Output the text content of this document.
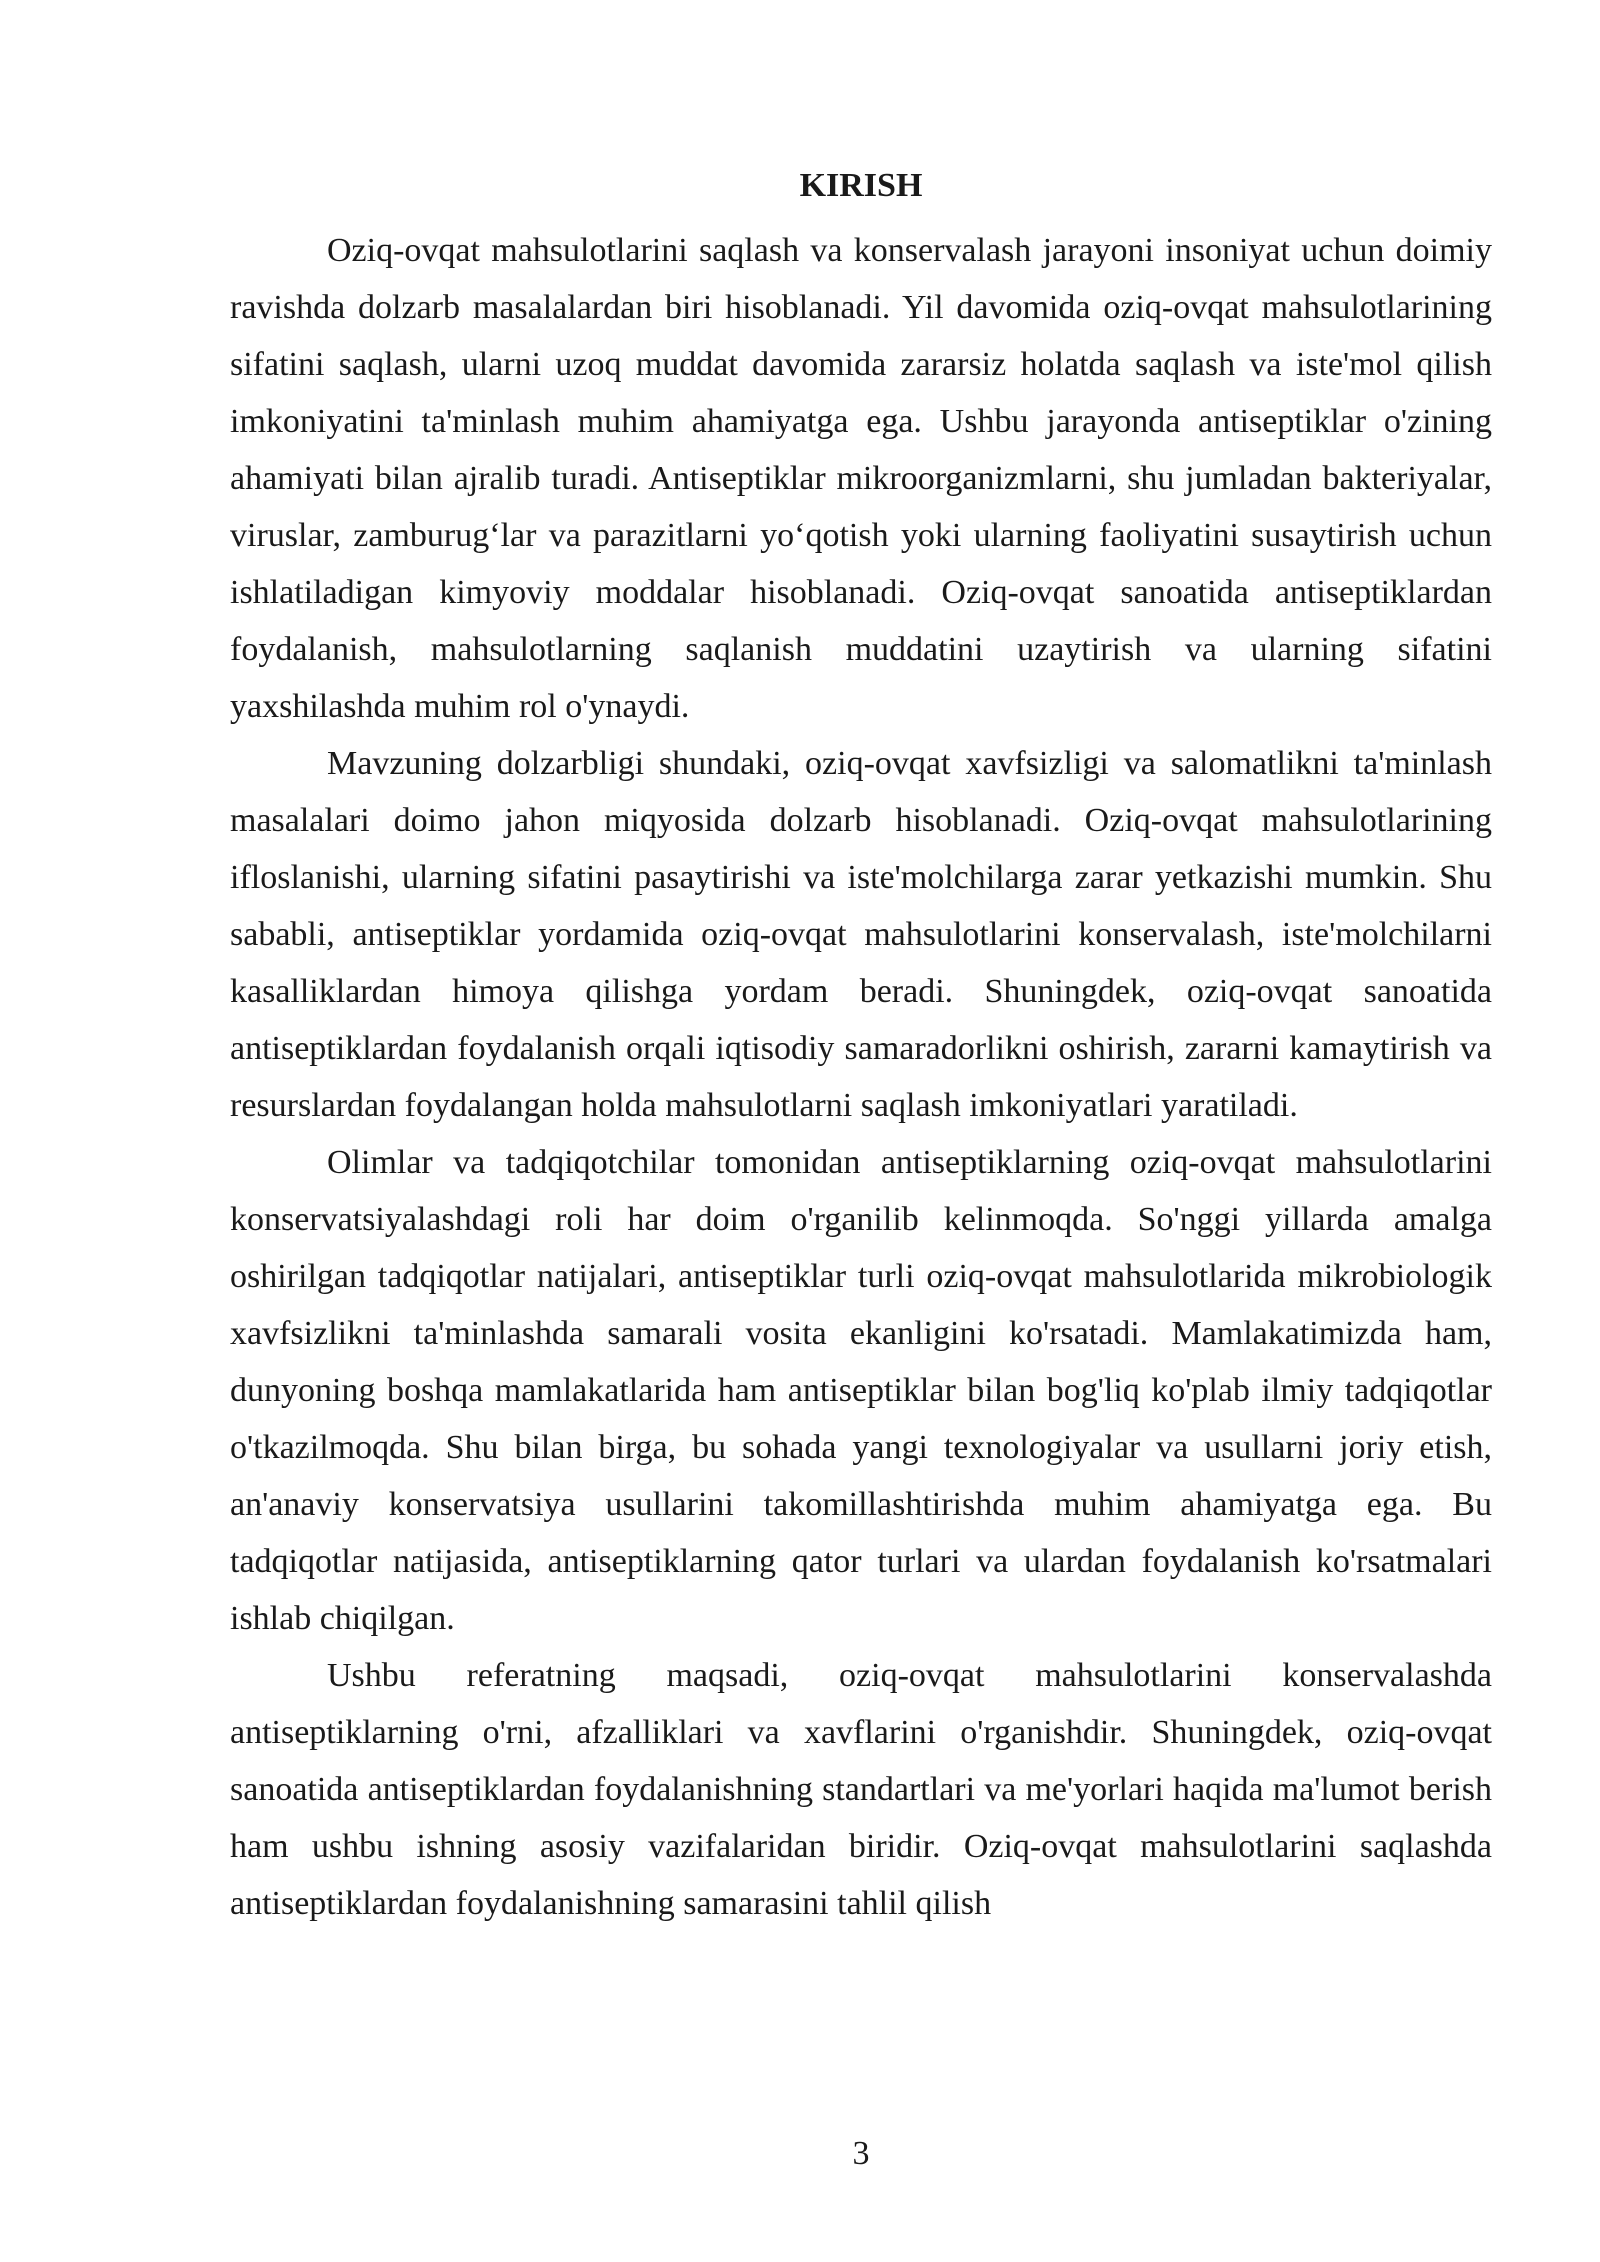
KIRISH

Oziq-ovqat mahsulotlarini saqlash va konservalash jarayoni insoniyat uchun doimiy ravishda dolzarb masalalardan biri hisoblanadi. Yil davomida oziq-ovqat mahsulotlarining sifatini saqlash, ularni uzoq muddat davomida zararsiz holatda saqlash va iste'mol qilish imkoniyatini ta'minlash muhim ahamiyatga ega. Ushbu jarayonda antiseptiklar o'zining ahamiyati bilan ajralib turadi. Antiseptiklar mikroorganizmlarni, shu jumladan bakteriyalar, viruslar, zamburug‘lar va parazitlarni yo‘qotish yoki ularning faoliyatini susaytirish uchun ishlatiladigan kimyoviy moddalar hisoblanadi. Oziq-ovqat sanoatida antiseptiklardan foydalanish, mahsulotlarning saqlanish muddatini uzaytirish va ularning sifatini yaxshilashda muhim rol o'ynaydi.

Mavzuning dolzarbligi shundaki, oziq-ovqat xavfsizligi va salomatlikni ta'minlash masalalari doimo jahon miqyosida dolzarb hisoblanadi. Oziq-ovqat mahsulotlarining ifloslanishi, ularning sifatini pasaytirishi va iste'molchilarga zarar yetkazishi mumkin. Shu sababli, antiseptiklar yordamida oziq-ovqat mahsulotlarini konservalash, iste'molchilarni kasalliklardan himoya qilishga yordam beradi. Shuningdek, oziq-ovqat sanoatida antiseptiklardan foydalanish orqali iqtisodiy samaradorlikni oshirish, zararni kamaytirish va resurslardan foydalangan holda mahsulotlarni saqlash imkoniyatlari yaratiladi.

Olimlar va tadqiqotchilar tomonidan antiseptiklarning oziq-ovqat mahsulotlarini konservatsiyalashdagi roli har doim o'rganilib kelinmoqda. So'nggi yillarda amalga oshirilgan tadqiqotlar natijalari, antiseptiklar turli oziq-ovqat mahsulotlarida mikrobiologik xavfsizlikni ta'minlashda samarali vosita ekanligini ko'rsatadi. Mamlakatimizda ham, dunyoning boshqa mamlakatlarida ham antiseptiklar bilan bog'liq ko'plab ilmiy tadqiqotlar o'tkazilmoqda. Shu bilan birga, bu sohada yangi texnologiyalar va usullarni joriy etish, an'anaviy konservatsiya usullarini takomillashtirishda muhim ahamiyatga ega. Bu tadqiqotlar natijasida, antiseptiklarning qator turlari va ulardan foydalanish ko'rsatmalari ishlab chiqilgan.

Ushbu referatning maqsadi, oziq-ovqat mahsulotlarini konservalashda antiseptiklarning o'rni, afzalliklari va xavflarini o'rganishdir. Shuningdek, oziq-ovqat sanoatida antiseptiklardan foydalanishning standartlari va me'yorlari haqida ma'lumot berish ham ushbu ishning asosiy vazifalaridan biridir. Oziq-ovqat mahsulotlarini saqlashda antiseptiklardan foydalanishning samarasini tahlil qilish

3
